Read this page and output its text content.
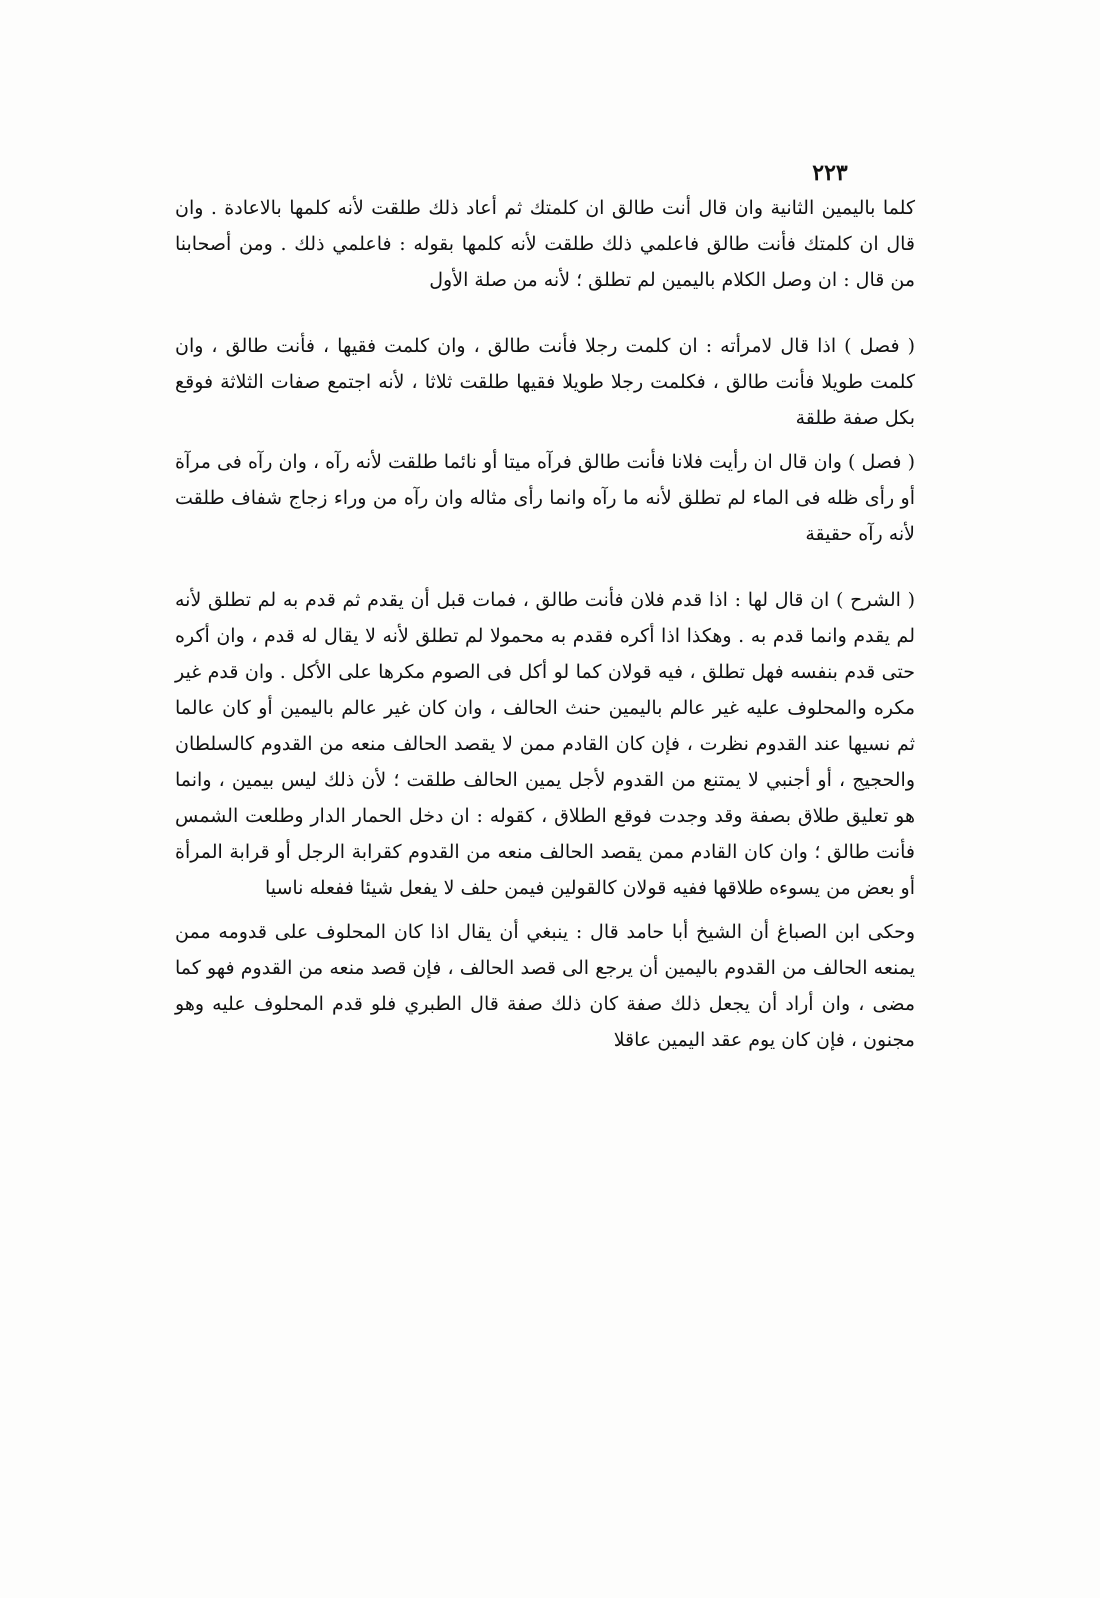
٢٢٣

كلما باليمين الثانية وان قال أنت طالق ان كلمتك ثم أعاد ذلك طلقت لأنه كلمها بالاعادة . وان قال ان كلمتك فأنت طالق فاعلمي ذلك طلقت لأنه كلمها بقوله : فاعلمي ذلك . ومن أصحابنا من قال : ان وصل الكلام باليمين لم تطلق ؛ لأنه من صلة الأول

( فصل ) اذا قال لامرأته : ان كلمت رجلا فأنت طالق ، وان كلمت فقيها ، فأنت طالق ، وان كلمت طويلا فأنت طالق ، فكلمت رجلا طويلا فقيها طلقت ثلاثا ، لأنه اجتمع صفات الثلاثة فوقع بكل صفة طلقة

( فصل ) وان قال ان رأيت فلانا فأنت طالق فرآه ميتا أو نائما طلقت لأنه رآه ، وان رآه فى مرآة أو رأى ظله فى الماء لم تطلق لأنه ما رآه وانما رأى مثاله وان رآه من وراء زجاج شفاف طلقت لأنه رآه حقيقة

( الشرح ) ان قال لها : اذا قدم فلان فأنت طالق ، فمات قبل أن يقدم ثم قدم به لم تطلق لأنه لم يقدم وانما قدم به . وهكذا اذا أكره فقدم به محمولا لم تطلق لأنه لا يقال له قدم ، وان أكره حتى قدم بنفسه فهل تطلق ، فيه قولان كما لو أكل فى الصوم مكرها على الأكل . وان قدم غير مكره والمحلوف عليه غير عالم باليمين حنث الحالف ، وان كان غير عالم باليمين أو كان عالما ثم نسيها عند القدوم نظرت ، فإن كان القادم ممن لا يقصد الحالف منعه من القدوم كالسلطان والحجيج ، أو أجنبي لا يمتنع من القدوم لأجل يمين الحالف طلقت ؛ لأن ذلك ليس بيمين ، وانما هو تعليق طلاق بصفة وقد وجدت فوقع الطلاق ، كقوله : ان دخل الحمار الدار وطلعت الشمس فأنت طالق ؛ وان كان القادم ممن يقصد الحالف منعه من القدوم كقرابة الرجل أو قرابة المرأة أو بعض من يسوءه طلاقها ففيه قولان كالقولين فيمن حلف لا يفعل شيئا ففعله ناسيا

وحكى ابن الصباغ أن الشيخ أبا حامد قال : ينبغي أن يقال اذا كان المحلوف على قدومه ممن يمنعه الحالف من القدوم باليمين أن يرجع الى قصد الحالف ، فإن قصد منعه من القدوم فهو كما مضى ، وان أراد أن يجعل ذلك صفة كان ذلك صفة قال الطبري فلو قدم المحلوف عليه وهو مجنون ، فإن كان يوم عقد اليمين عاقلا
